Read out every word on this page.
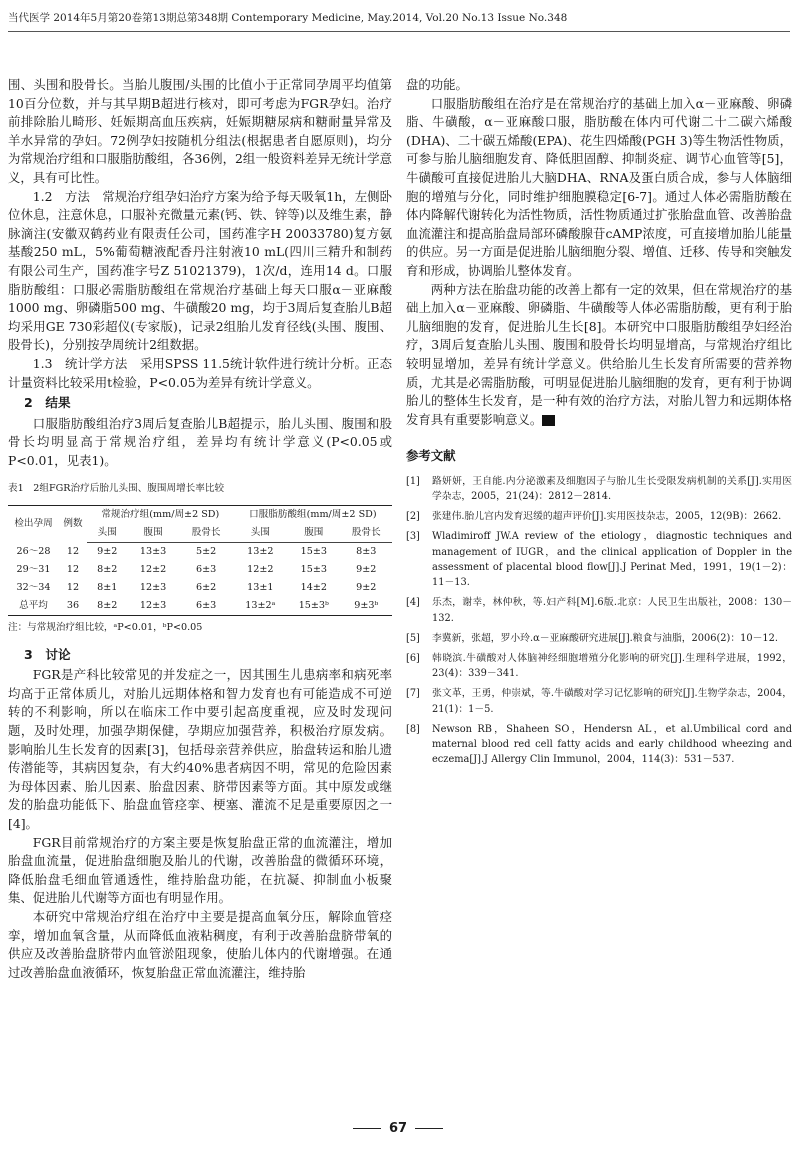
当代医学 2014年5月第20卷第13期总第348期 Contemporary Medicine, May.2014, Vol.20 No.13 Issue No.348

围、头围和股骨长。当胎儿腹围/头围的比值小于正常同孕周平均值第10百分位数，并与其早期B超进行核对，即可考虑为FGR孕妇。治疗前排除胎儿畸形、妊娠期高血压疾病，妊娠期糖尿病和糖耐量异常及羊水异常的孕妇。72例孕妇按随机分组法(根据患者自愿原则)，均分为常规治疗组和口服脂肪酸组，各36例，2组一般资料差异无统计学意义，具有可比性。

1.2　方法　常规治疗组孕妇治疗方案为给予每天吸氧1h，左侧卧位休息，注意休息，口服补充微量元素(钙、铁、锌等)以及维生素，静脉滴注(安徽双鹤药业有限责任公司，国药准字H 20033780)复方氨基酸250 mL，5%葡萄糖液配香丹注射液10 mL(四川三精升和制药有限公司生产，国药准字号Z 51021379)，1次/d，连用14 d。口服脂肪酸组：口服必需脂肪酸组在常规治疗基础上每天口服α－亚麻酸1000 mg、卵磷脂500 mg、牛磺酸20 mg，均于3周后复查胎儿B超均采用GE 730彩超仪(专家版)，记录2组胎儿发育径线(头围、腹围、股骨长)，分别按孕周统计2组数据。

1.3　统计学方法　采用SPSS 11.5统计软件进行统计分析。正态计量资料比较采用t检验，P<0.05为差异有统计学意义。

2　结果

口服脂肪酸组治疗3周后复查胎儿B超提示，胎儿头围、腹围和股骨长均明显高于常规治疗组，差异均有统计学意义(P<0.05或P<0.01，见表1)。

表1　2组FGR治疗后胎儿头围、腹围周增长率比较
检出孕周	例数	常规治疗组(mm/周±2 SD)			口服脂肪酸组(mm/周±2 SD)		
		头围	腹围	股骨长	头围	腹围	股骨长
26～28	12	9±2	13±3	5±2	13±2	15±3	8±3
29～31	12	8±2	12±2	6±3	12±2	15±3	9±2
32～34	12	8±1	12±3	6±2	13±1	14±2	9±2
总平均	36	8±2	12±3	6±3	13±2ᵃ	15±3ᵇ	9±3ᵇ
注：与常规治疗组比较，ᵃP<0.01，ᵇP<0.05
3　讨论

FGR是产科比较常见的并发症之一，因其围生儿患病率和病死率均高于正常体质儿，对胎儿远期体格和智力发育也有可能造成不可逆转的不利影响，所以在临床工作中要引起高度重视，应及时发现问题，及时处理，加强孕期保健，孕期应加强营养，积极治疗原发病。影响胎儿生长发育的因素[3]，包括母亲营养供应，胎盘转运和胎儿遗传潜能等，其病因复杂，有大约40%患者病因不明，常见的危险因素为母体因素、胎儿因素、胎盘因素、脐带因素等方面。其中原发或继发的胎盘功能低下、胎盘血管痉挛、梗塞、灌流不足是重要原因之一[4]。

FGR目前常规治疗的方案主要是恢复胎盘正常的血流灌注，增加胎盘血流量，促进胎盘细胞及胎儿的代谢，改善胎盘的微循环环境，降低胎盘毛细血管通透性，维持胎盘功能，在抗凝、抑制血小板聚集、促进胎儿代谢等方面也有明显作用。

本研究中常规治疗组在治疗中主要是提高血氧分压，解除血管痉挛，增加血氧含量，从而降低血液粘稠度，有利于改善胎盘脐带氧的供应及改善胎盘脐带内血管淤阻现象，使胎儿体内的代谢增强。在通过改善胎盘血液循环，恢复胎盘正常血流灌注，维持胎

盘的功能。

口服脂肪酸组在治疗是在常规治疗的基础上加入α－亚麻酸、卵磷脂、牛磺酸，α－亚麻酸口服，脂肪酸在体内可代谢二十二碳六烯酸(DHA)、二十碳五烯酸(EPA)、花生四烯酸(PGH 3)等生物活性物质，可参与胎儿脑细胞发育、降低胆固醇、抑制炎症、调节心血管等[5]，牛磺酸可直接促进胎儿大脑DHA、RNA及蛋白质合成，参与人体脑细胞的增殖与分化，同时维护细胞膜稳定[6-7]。通过人体必需脂肪酸在体内降解代谢转化为活性物质，活性物质通过扩张胎盘血管、改善胎盘血流灌注和提高胎盘局部环磷酸腺苷cAMP浓度，可直接增加胎儿能量的供应。另一方面是促进胎儿脑细胞分裂、增值、迁移、传导和突触发育和形成，协调胎儿整体发育。

两种方法在胎盘功能的改善上都有一定的效果，但在常规治疗的基础上加入α－亚麻酸、卵磷脂、牛磺酸等人体必需脂肪酸，更有利于胎儿脑细胞的发育，促进胎儿生长[8]。本研究中口服脂肪酸组孕妇经治疗，3周后复查胎儿头围、腹围和股骨长均明显增高，与常规治疗组比较明显增加，差异有统计学意义。供给胎儿生长发育所需要的营养物质，尤其是必需脂肪酸，可明显促进胎儿脑细胞的发育，更有利于协调胎儿的整体生长发育，是一种有效的治疗方法，对胎儿智力和远期体格发育具有重要影响意义。	CM

参考文献
[1]	路妍妍，王自能.内分泌激素及细胞因子与胎儿生长受限发病机制的关系[J].实用医学杂志，2005，21(24)：2812－2814.
[2]	张建伟.胎儿宫内发育迟缓的超声评价[J].实用医技杂志，2005，12(9B)：2662.
[3]	Wladimiroff JW.A review of the etiology，diagnostic techniques and management of IUGR，and the clinical application of Doppler in the assessment of placental blood flow[J].J Perinat Med，1991，19(1－2)：11－13.
[4]	乐杰，谢幸，林仲秋，等.妇产科[M].6版.北京：人民卫生出版社，2008：130－132.
[5]	李冀新，张超，罗小玲.α－亚麻酸研究进展[J].粮食与油脂，2006(2)：10－12.
[6]	韩晓滨.牛磺酸对人体脑神经细胞增殖分化影响的研究[J].生理科学进展，1992，23(4)：339－341.
[7]	张文革，王勇，仲崇斌，等.牛磺酸对学习记忆影响的研究[J].生物学杂志，2004，21(1)：1－5.
[8]	Newson RB，Shaheen SO，Hendersn AL，et al.Umbilical cord and maternal blood red cell fatty acids and early childhood wheezing and eczema[J].J Allergy Clin Immunol，2004，114(3)：531－537.
67
